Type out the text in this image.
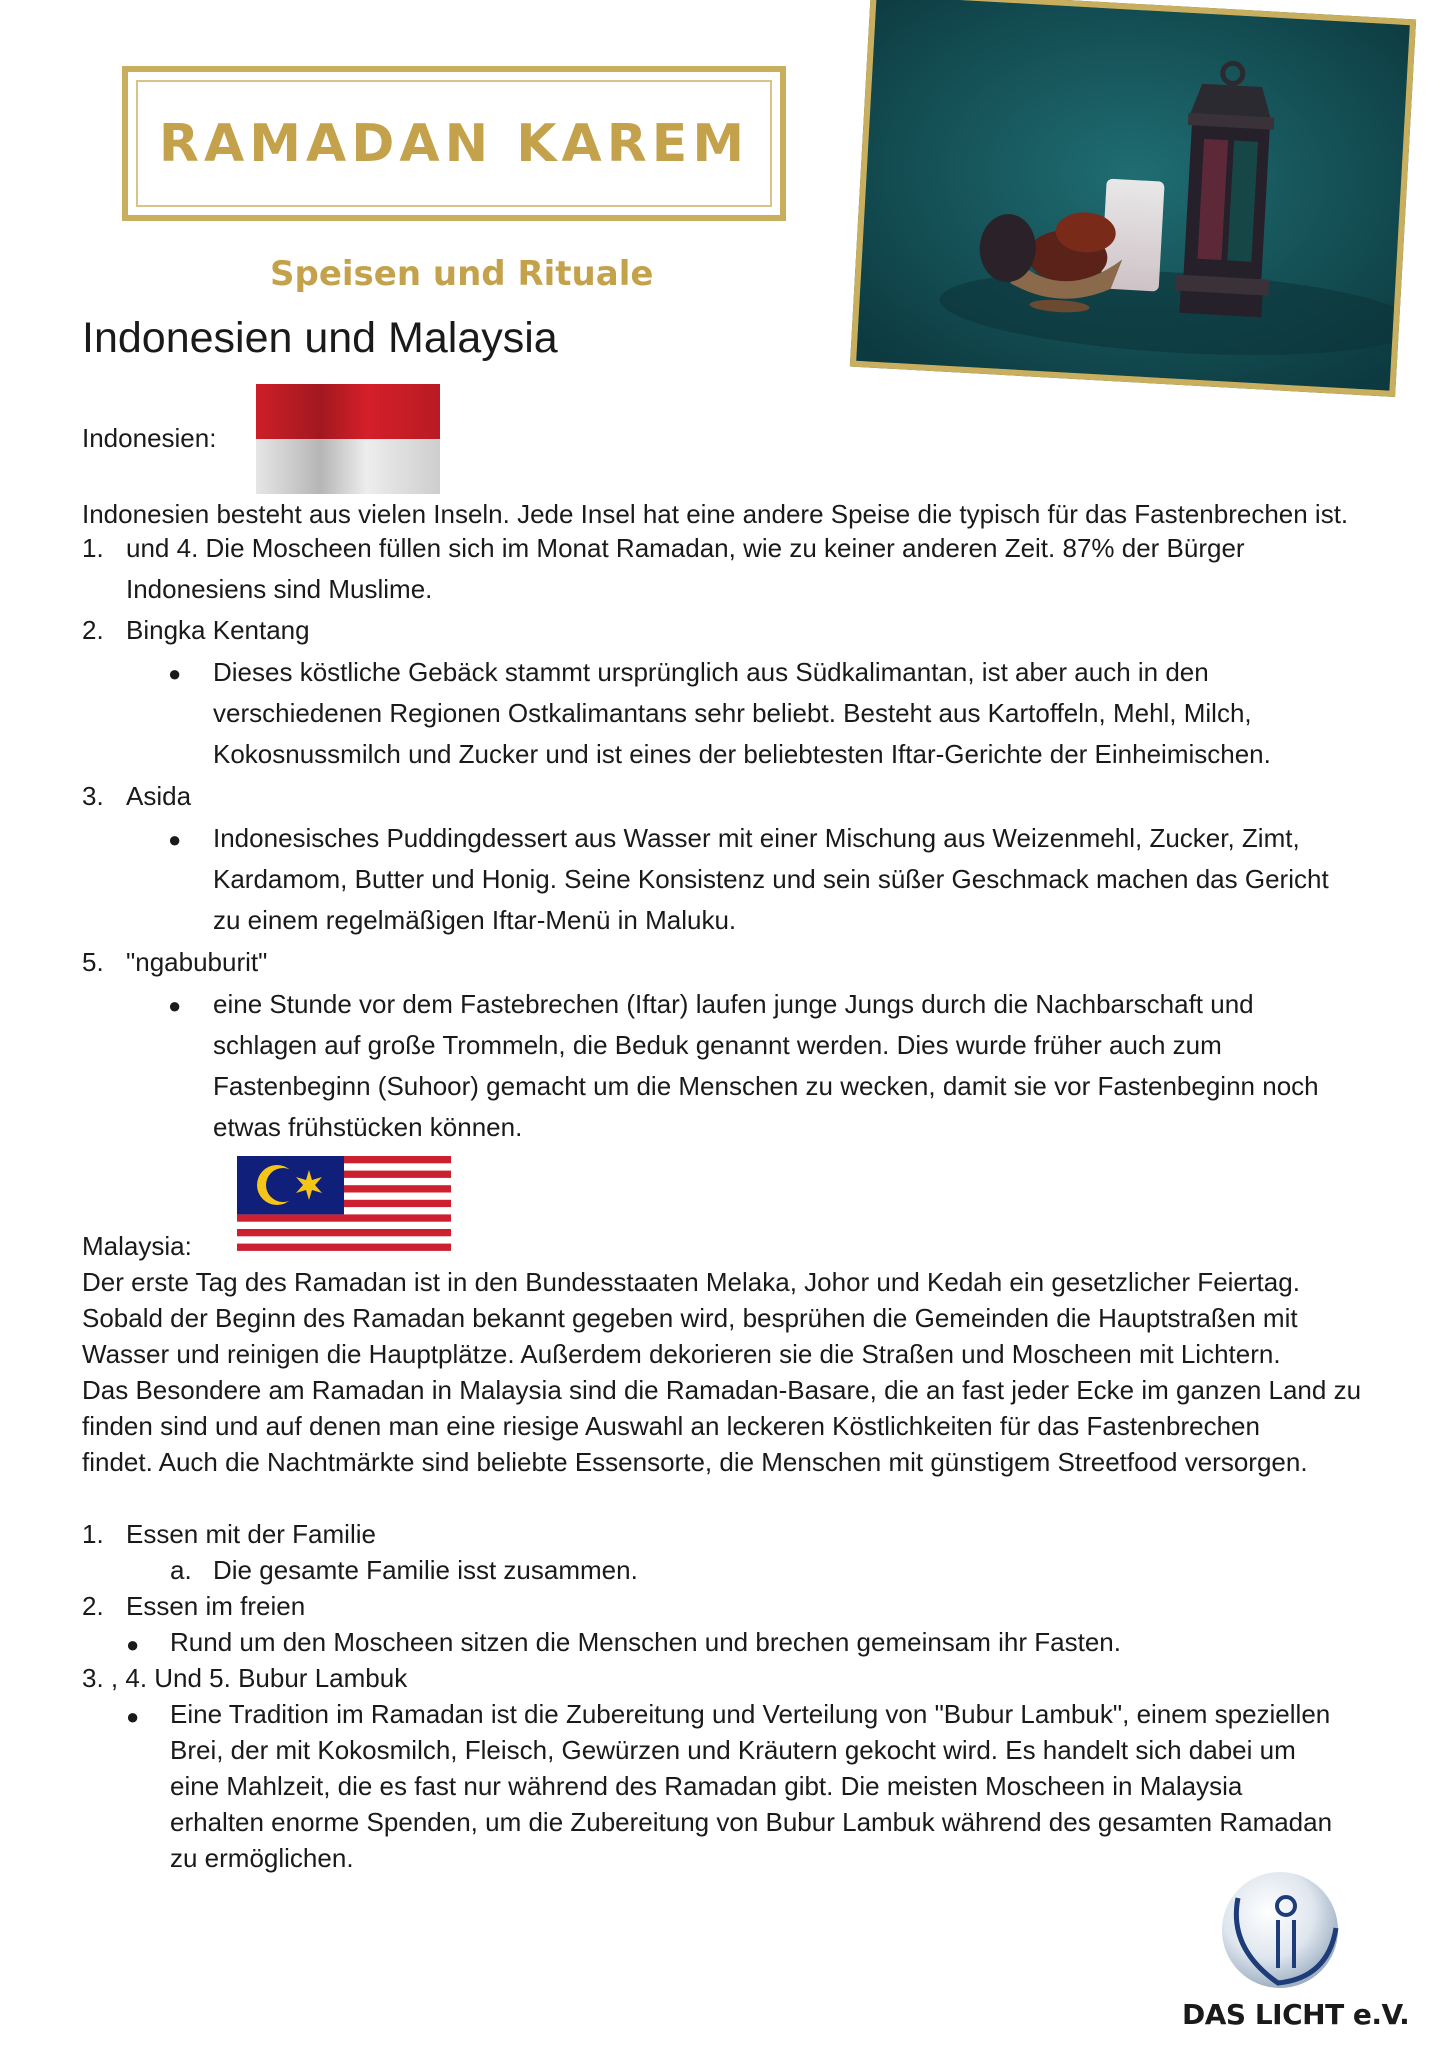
RAMADAN KAREM
Speisen und Rituale
Indonesien und Malaysia
Indonesien:
Indonesien besteht aus vielen Inseln. Jede Insel hat eine andere Speise die typisch für das Fastenbrechen ist.
1. und 4. Die Moscheen füllen sich im Monat Ramadan, wie zu keiner anderen Zeit. 87% der Bürger
Indonesiens sind Muslime.
2. Bingka Kentang
● Dieses köstliche Gebäck stammt ursprünglich aus Südkalimantan, ist aber auch in den
verschiedenen Regionen Ostkalimantans sehr beliebt. Besteht aus Kartoffeln, Mehl, Milch,
Kokosnussmilch und Zucker und ist eines der beliebtesten Iftar-Gerichte der Einheimischen.
3. Asida
● Indonesisches Puddingdessert aus Wasser mit einer Mischung aus Weizenmehl, Zucker, Zimt,
Kardamom, Butter und Honig. Seine Konsistenz und sein süßer Geschmack machen das Gericht
zu einem regelmäßigen Iftar-Menü in Maluku.
5. "ngabuburit"
● eine Stunde vor dem Fastebrechen (Iftar) laufen junge Jungs durch die Nachbarschaft und
schlagen auf große Trommeln, die Beduk genannt werden. Dies wurde früher auch zum
Fastenbeginn (Suhoor) gemacht um die Menschen zu wecken, damit sie vor Fastenbeginn noch
etwas frühstücken können.
Malaysia:
Der erste Tag des Ramadan ist in den Bundesstaaten Melaka, Johor und Kedah ein gesetzlicher Feiertag.
Sobald der Beginn des Ramadan bekannt gegeben wird, besprühen die Gemeinden die Hauptstraßen mit
Wasser und reinigen die Hauptplätze. Außerdem dekorieren sie die Straßen und Moscheen mit Lichtern.
Das Besondere am Ramadan in Malaysia sind die Ramadan-Basare, die an fast jeder Ecke im ganzen Land zu
finden sind und auf denen man eine riesige Auswahl an leckeren Köstlichkeiten für das Fastenbrechen
findet. Auch die Nachtmärkte sind beliebte Essensorte, die Menschen mit günstigem Streetfood versorgen.
1. Essen mit der Familie
a. Die gesamte Familie isst zusammen.
2. Essen im freien
● Rund um den Moscheen sitzen die Menschen und brechen gemeinsam ihr Fasten.
3. , 4. Und 5. Bubur Lambuk
● Eine Tradition im Ramadan ist die Zubereitung und Verteilung von "Bubur Lambuk", einem speziellen
Brei, der mit Kokosmilch, Fleisch, Gewürzen und Kräutern gekocht wird. Es handelt sich dabei um
eine Mahlzeit, die es fast nur während des Ramadan gibt. Die meisten Moscheen in Malaysia
erhalten enorme Spenden, um die Zubereitung von Bubur Lambuk während des gesamten Ramadan
zu ermöglichen.
DAS LICHT e.V.
